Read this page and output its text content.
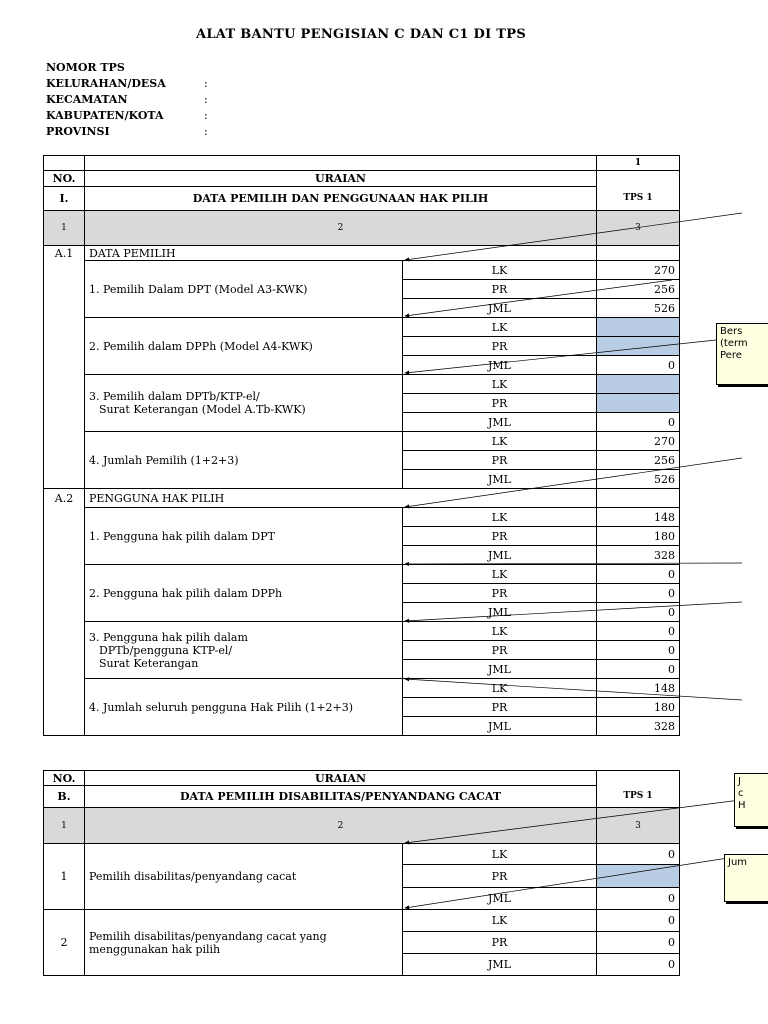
ALAT BANTU PENGISIAN C DAN C1 DI TPS
NOMOR TPS
KELURAHAN/DESA	:
KECAMATAN	:
KABUPATEN/KOTA	:
PROVINSI	:
			1
NO.	URAIAN		
I.	DATA PEMILIH DAN PENGGUNAAN HAK PILIH		TPS 1
1	2		3
A.1	DATA PEMILIH		
	1. Pemilih Dalam DPT (Model A3-KWK)	LK	270
		PR	256
		JML	526
	2. Pemilih dalam DPPh (Model A4-KWK)	LK	
		PR	
		JML	0

	3. Pemilih dalam DPTb/KTP-el/
Surat Keterangan (Model A.Tb-KWK)	LK	
		PR	
		JML	0
	4. Jumlah Pemilih (1+2+3)	LK	270
		PR	256
		JML	526
A.2	PENGGUNA HAK PILIH		
	1. Pengguna hak pilih dalam DPT	LK	148
		PR	180
		JML	328
	2. Pengguna hak pilih dalam DPPh	LK	0
		PR	0
		JML	0

	3. Pengguna hak pilih dalam
DPTb/pengguna KTP-el/
Surat Keterangan	LK	0
		PR	0
		JML	0
	4. Jumlah seluruh pengguna Hak Pilih (1+2+3)	LK	148
		PR	180
		JML	328
NO.	URAIAN		
B.	DATA PEMILIH DISABILITAS/PENYANDANG CACAT		TPS 1
1	2		3
1	Pemilih disabilitas/penyandang cacat	LK	0
		PR	
		JML	0
2	Pemilih disabilitas/penyandang cacat yang
menggunakan hak pilih	LK	0
		PR	0
		JML	0
Bers
(term
Pere
J
c
H
Jum
